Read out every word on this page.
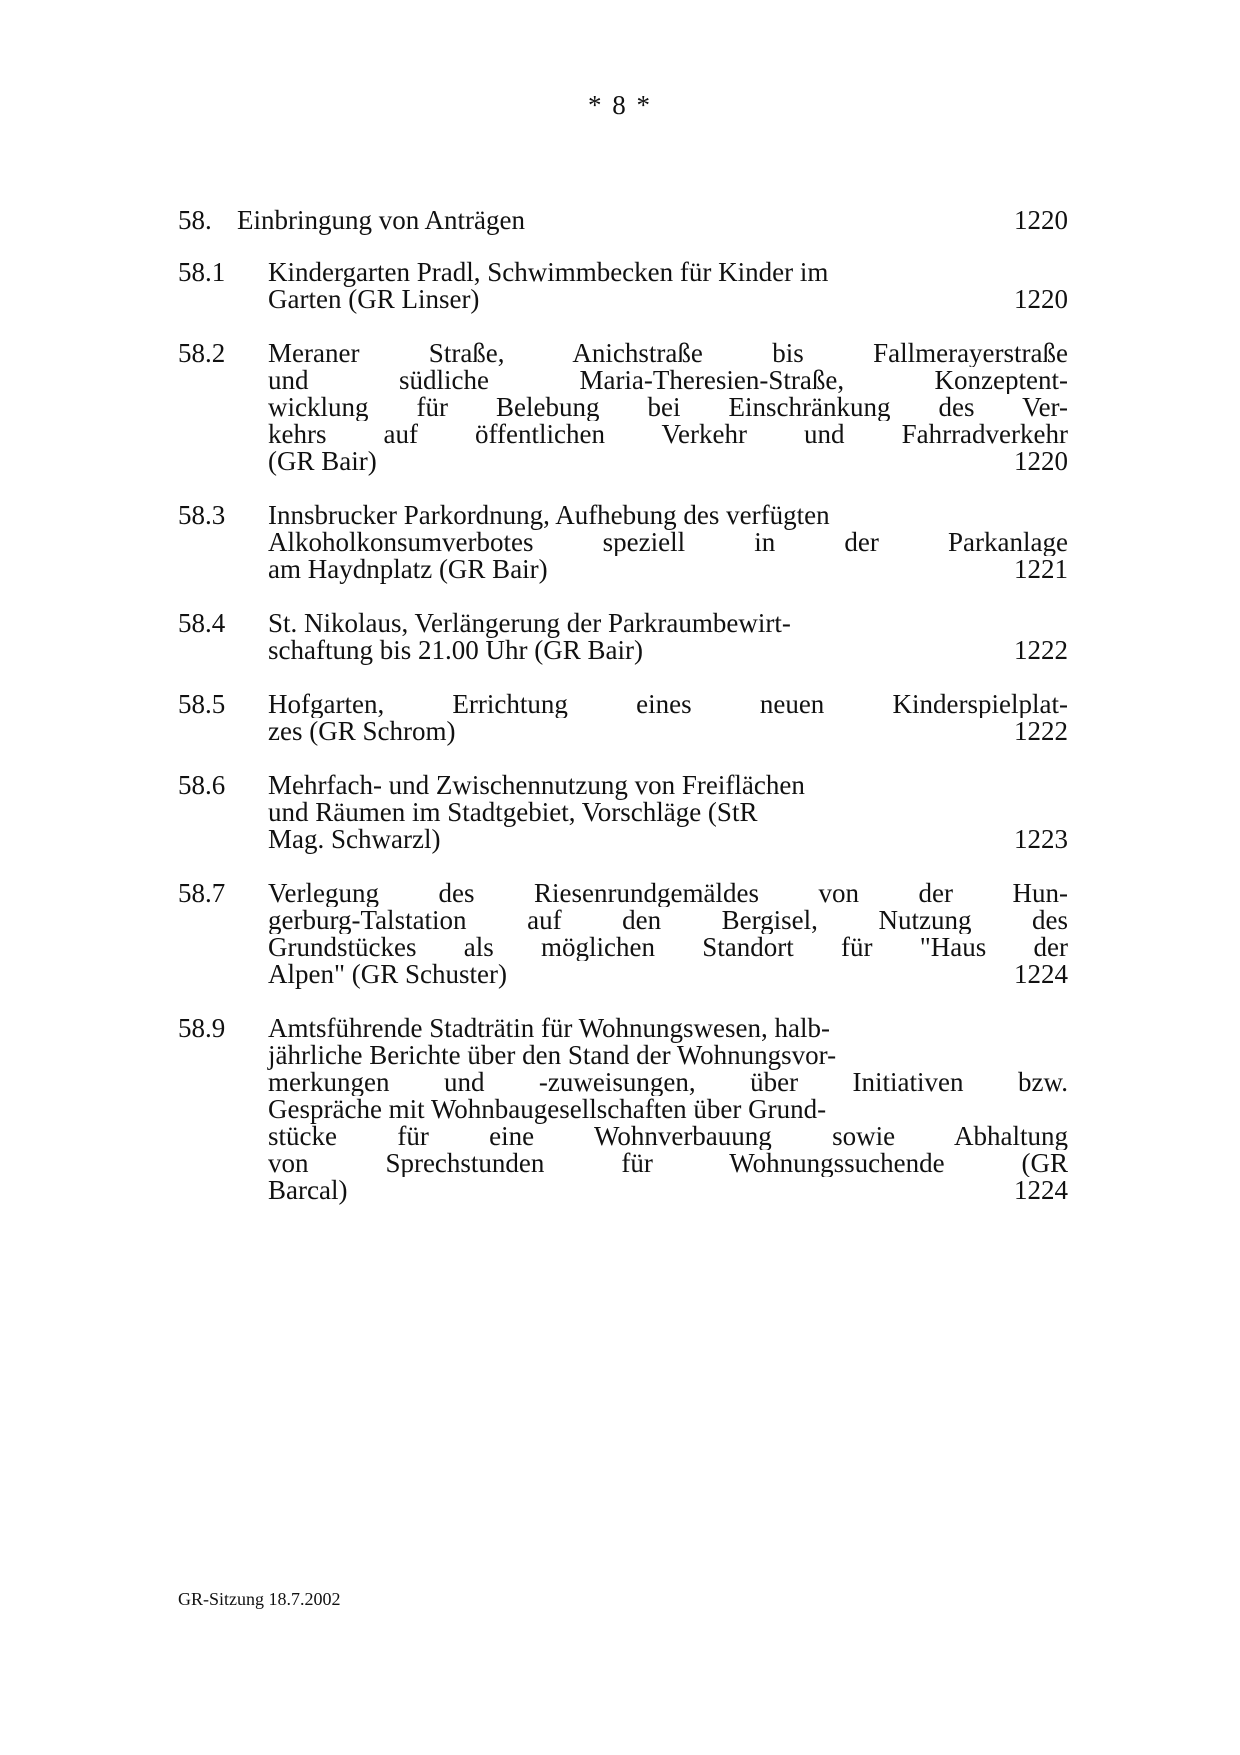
* 8 *
58. Einbringung von Anträgen	1220
58.1 Kindergarten Pradl, Schwimmbecken für Kinder im
Garten (GR Linser)	1220
58.2 Meraner Straße, Anichstraße bis Fallmerayerstraße
und südliche Maria-Theresien-Straße, Konzeptent-
wicklung für Belebung bei Einschränkung des Ver-
kehrs auf öffentlichen Verkehr und Fahrradverkehr
(GR Bair)	1220
58.3 Innsbrucker Parkordnung, Aufhebung des verfügten
Alkoholkonsumverbotes speziell in der Parkanlage
am Haydnplatz (GR Bair)	1221
58.4 St. Nikolaus, Verlängerung der Parkraumbewirt-
schaftung bis 21.00 Uhr (GR Bair)	1222
58.5 Hofgarten, Errichtung eines neuen Kinderspielplat-
zes (GR Schrom)	1222
58.6 Mehrfach- und Zwischennutzung von Freiflächen
und Räumen im Stadtgebiet, Vorschläge (StR
Mag. Schwarzl)	1223
58.7 Verlegung des Riesenrundgemäldes von der Hun-
gerburg-Talstation auf den Bergisel, Nutzung des
Grundstückes als möglichen Standort für "Haus der
Alpen" (GR Schuster)	1224
58.9 Amtsführende Stadträtin für Wohnungswesen, halb-
jährliche Berichte über den Stand der Wohnungsvor-
merkungen und -zuweisungen, über Initiativen bzw.
Gespräche mit Wohnbaugesellschaften über Grund-
stücke für eine Wohnverbauung sowie Abhaltung
von Sprechstunden für Wohnungssuchende (GR
Barcal)	1224
GR-Sitzung 18.7.2002
